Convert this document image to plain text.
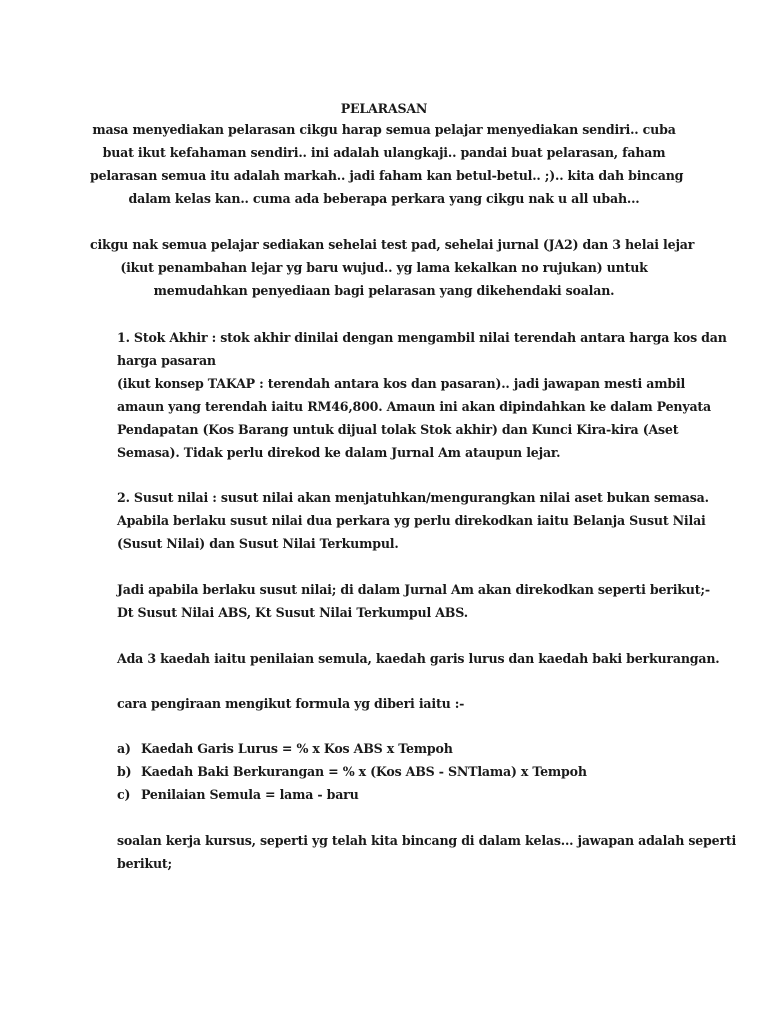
PELARASAN
masa menyediakan pelarasan cikgu harap semua pelajar menyediakan sendiri.. cuba
buat ikut kefahaman sendiri.. ini adalah ulangkaji.. pandai buat pelarasan, faham
pelarasan semua itu adalah markah.. jadi faham kan betul-betul.. ;).. kita dah bincang
dalam kelas kan.. cuma ada beberapa perkara yang cikgu nak u all ubah...
cikgu nak semua pelajar sediakan sehelai test pad, sehelai jurnal (JA2) dan 3 helai lejar
(ikut penambahan lejar yg baru wujud.. yg lama kekalkan no rujukan) untuk
memudahkan penyediaan bagi pelarasan yang dikehendaki soalan.
1. Stok Akhir : stok akhir dinilai dengan mengambil nilai terendah antara harga kos dan
harga pasaran
(ikut konsep TAKAP : terendah antara kos dan pasaran).. jadi jawapan mesti ambil
amaun yang terendah iaitu RM46,800. Amaun ini akan dipindahkan ke dalam Penyata
Pendapatan (Kos Barang untuk dijual tolak Stok akhir) dan Kunci Kira-kira (Aset
Semasa). Tidak perlu direkod ke dalam Jurnal Am ataupun lejar.
2. Susut nilai : susut nilai akan menjatuhkan/mengurangkan nilai aset bukan semasa.
Apabila berlaku susut nilai dua perkara yg perlu direkodkan iaitu Belanja Susut Nilai
(Susut Nilai) dan Susut Nilai Terkumpul.
Jadi apabila berlaku susut nilai; di dalam Jurnal Am akan direkodkan seperti berikut;-
Dt Susut Nilai ABS, Kt Susut Nilai Terkumpul ABS.
Ada 3 kaedah iaitu penilaian semula, kaedah garis lurus dan kaedah baki berkurangan.
cara pengiraan mengikut formula yg diberi iaitu :-
a) Kaedah Garis Lurus = % x Kos ABS x Tempoh
b) Kaedah Baki Berkurangan = % x (Kos ABS - SNTlama) x Tempoh
c) Penilaian Semula = lama - baru
soalan kerja kursus, seperti yg telah kita bincang di dalam kelas... jawapan adalah seperti
berikut;
